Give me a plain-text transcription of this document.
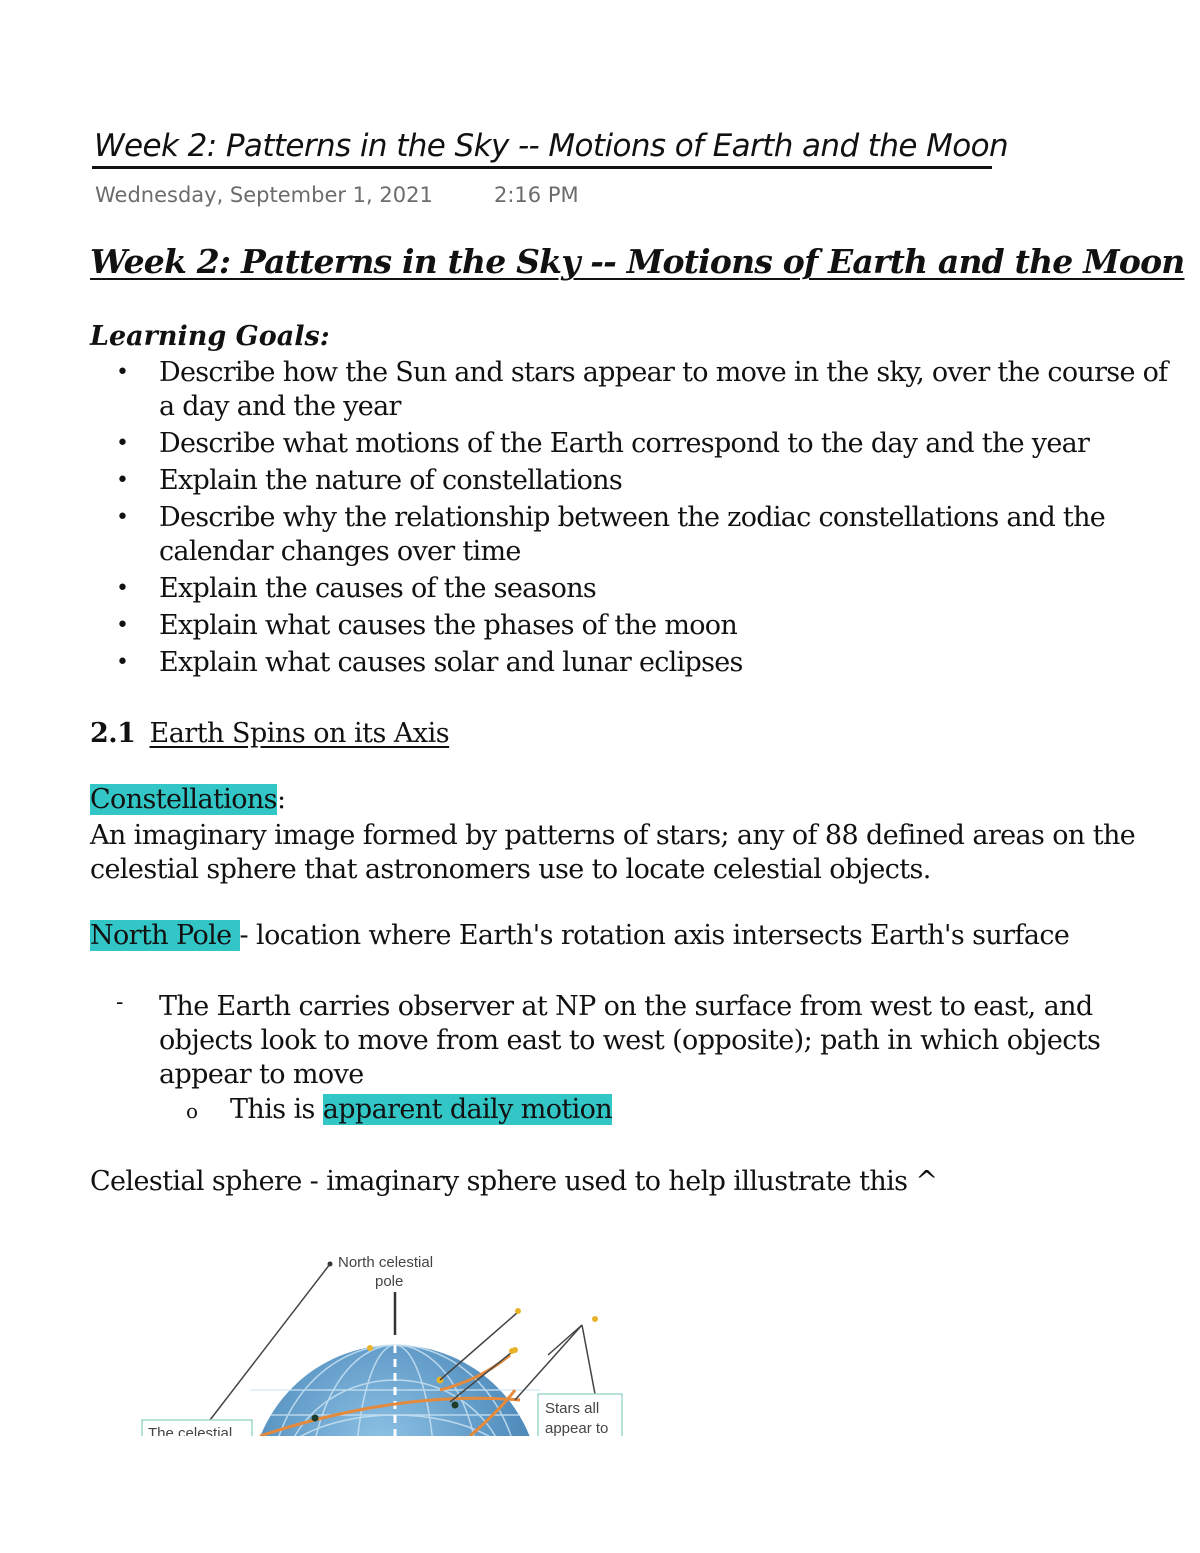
Week 2: Patterns in the Sky -- Motions of Earth and the Moon
Wednesday, September 1, 2021	2:16 PM
Week 2: Patterns in the Sky -- Motions of Earth and the Moon
Learning Goals:
• Describe how the Sun and stars appear to move in the sky, over the course of a day and the year
• Describe what motions of the Earth correspond to the day and the year
• Explain the nature of constellations
• Describe why the relationship between the zodiac constellations and the calendar changes over time
• Explain the causes of the seasons
• Explain what causes the phases of the moon
• Explain what causes solar and lunar eclipses
2.1 Earth Spins on its Axis
Constellations:
An imaginary image formed by patterns of stars; any of 88 defined areas on the celestial sphere that astronomers use to locate celestial objects.
North Pole - location where Earth's rotation axis intersects Earth's surface
- The Earth carries observer at NP on the surface from west to east, and objects look to move from east to west (opposite); path in which objects appear to move
o This is apparent daily motion
Celestial sphere - imaginary sphere used to help illustrate this ^
North celestial
pole
The celestial
Stars all
appear to
